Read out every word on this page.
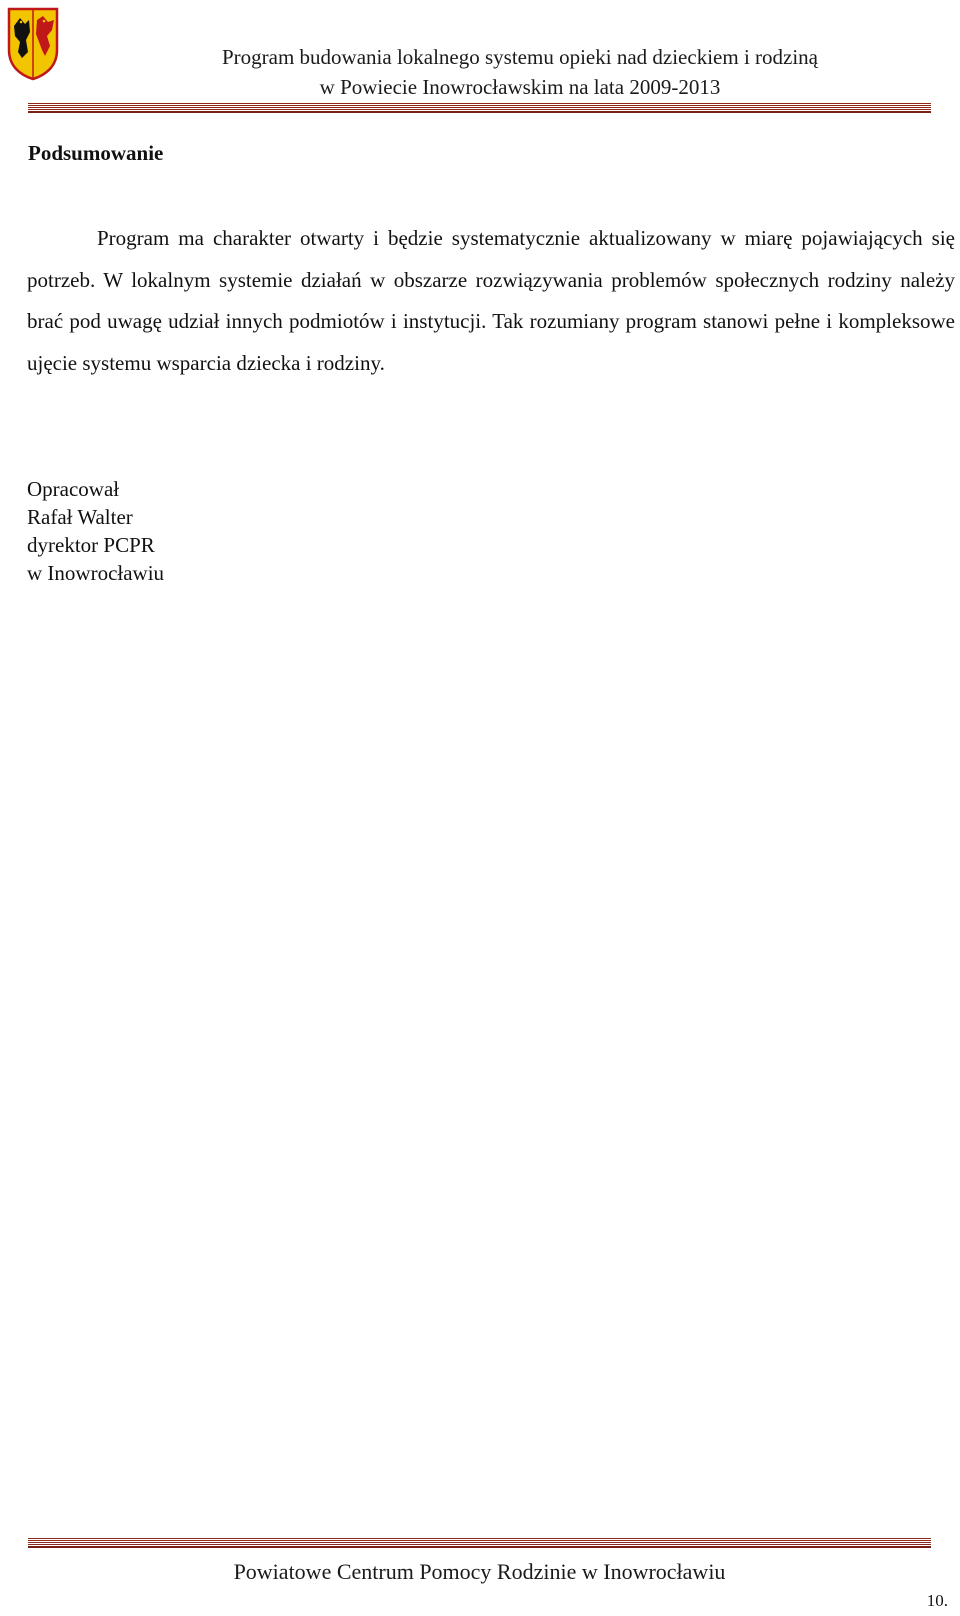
Program budowania lokalnego systemu opieki nad dzieckiem i rodziną
w Powiecie Inowrocławskim na lata 2009-2013
Podsumowanie

Program ma charakter otwarty i będzie systematycznie aktualizowany w miarę pojawiających się potrzeb. W lokalnym systemie działań w obszarze rozwiązywania problemów społecznych rodziny należy brać pod uwagę udział innych podmiotów i instytucji. Tak rozumiany program stanowi pełne i kompleksowe ujęcie systemu wsparcia dziecka i rodziny.

Opracował
Rafał Walter
dyrektor PCPR
w Inowrocławiu
Powiatowe Centrum Pomocy Rodzinie w Inowrocławiu
10.
